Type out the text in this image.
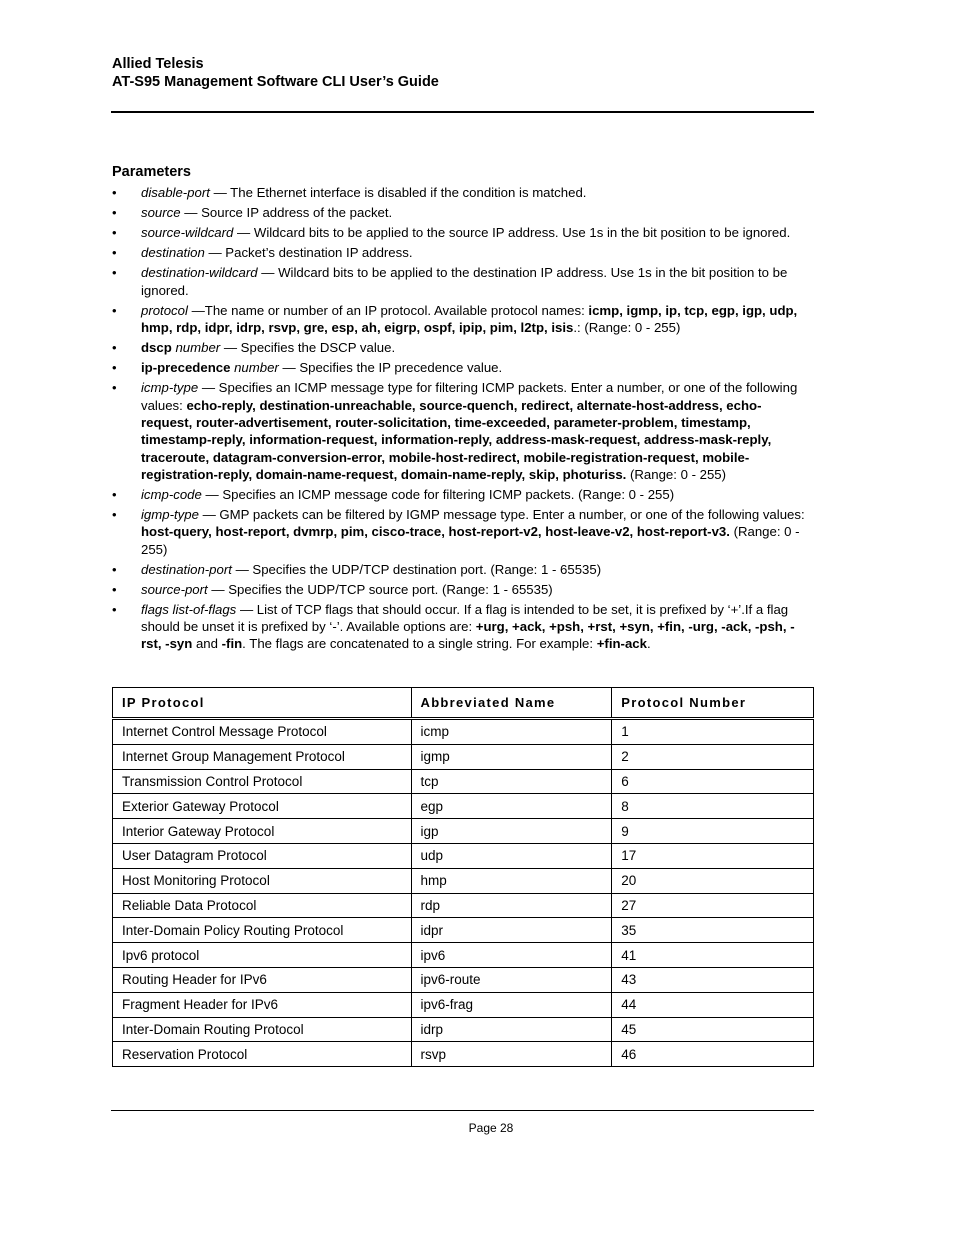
Allied Telesis
AT-S95 Management Software CLI User’s Guide
Parameters
• disable-port — The Ethernet interface is disabled if the condition is matched.
• source — Source IP address of the packet.
• source-wildcard — Wildcard bits to be applied to the source IP address. Use 1s in the bit position to be ignored.
• destination — Packet’s destination IP address.
• destination-wildcard — Wildcard bits to be applied to the destination IP address. Use 1s in the bit position to be ignored.
• protocol —The name or number of an IP protocol. Available protocol names: icmp, igmp, ip, tcp, egp, igp, udp, hmp, rdp, idpr, idrp, rsvp, gre, esp, ah, eigrp, ospf, ipip, pim, l2tp, isis.: (Range: 0 - 255)
• dscp number — Specifies the DSCP value.
• ip-precedence number — Specifies the IP precedence value.
• icmp-type — Specifies an ICMP message type for filtering ICMP packets. Enter a number, or one of the following values: echo-reply, destination-unreachable, source-quench, redirect, alternate-host-address, echo-request, router-advertisement, router-solicitation, time-exceeded, parameter-problem, timestamp, timestamp-reply, information-request, information-reply, address-mask-request, address-mask-reply, traceroute, datagram-conversion-error, mobile-host-redirect, mobile-registration-request, mobile-registration-reply, domain-name-request, domain-name-reply, skip, photuriss. (Range: 0 - 255)
• icmp-code — Specifies an ICMP message code for filtering ICMP packets. (Range: 0 - 255)
• igmp-type — GMP packets can be filtered by IGMP message type. Enter a number, or one of the following values: host-query, host-report, dvmrp, pim, cisco-trace, host-report-v2, host-leave-v2, host-report-v3. (Range: 0 - 255)
• destination-port — Specifies the UDP/TCP destination port. (Range: 1 - 65535)
• source-port — Specifies the UDP/TCP source port. (Range: 1 - 65535)
• flags list-of-flags — List of TCP flags that should occur. If a flag is intended to be set, it is prefixed by ‘+’.If a flag should be unset it is prefixed by ‘-’. Available options are: +urg, +ack, +psh, +rst, +syn, +fin, -urg, -ack, -psh, -rst, -syn and -fin. The flags are concatenated to a single string. For example: +fin-ack.
IP Protocol	Abbreviated Name	Protocol Number
Internet Control Message Protocol	icmp	1
Internet Group Management Protocol	igmp	2
Transmission Control Protocol	tcp	6
Exterior Gateway Protocol	egp	8
Interior Gateway Protocol	igp	9
User Datagram Protocol	udp	17
Host Monitoring Protocol	hmp	20
Reliable Data Protocol	rdp	27
Inter-Domain Policy Routing Protocol	idpr	35
Ipv6 protocol	ipv6	41
Routing Header for IPv6	ipv6-route	43
Fragment Header for IPv6	ipv6-frag	44
Inter-Domain Routing Protocol	idrp	45
Reservation Protocol	rsvp	46
Page 28
